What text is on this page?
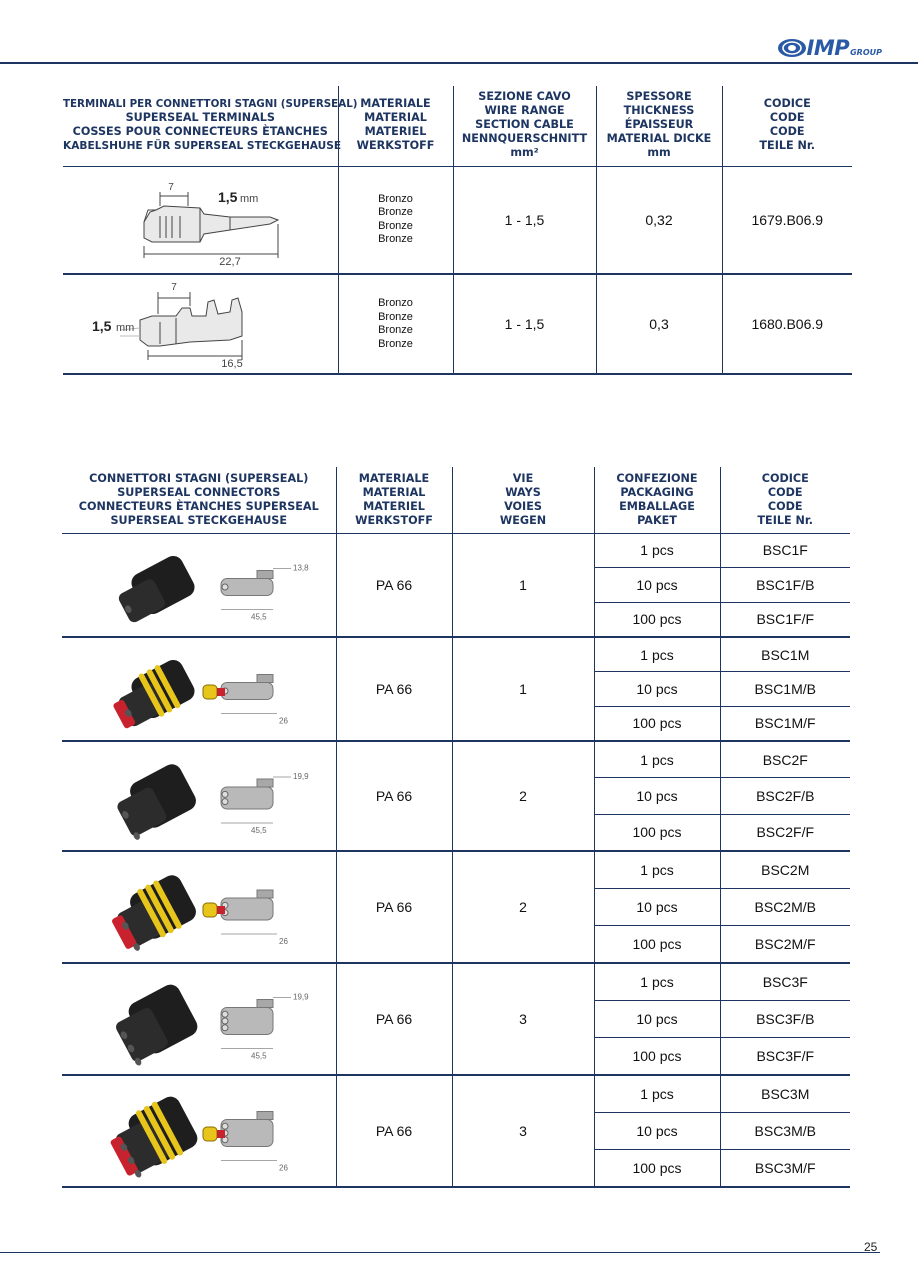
IMP GROUP
TERMINALI PER CONNETTORI STAGNI (SUPERSEAL)
SUPERSEAL TERMINALS
COSSES POUR CONNECTEURS ÈTANCHES
KABELSHUHE FÜR SUPERSEAL STECKGEHAUSE	MATERIALE
MATERIAL
MATERIEL
WERKSTOFF	SEZIONE CAVO
WIRE RANGE
SECTION CABLE
NENNQUERSCHNITT
mm²	SPESSORE
THICKNESS
ÉPAISSEUR
MATERIAL DICKE
mm	CODICE
CODE
CODE
TEILE Nr.

7
1,5 mm
22,7	Bronzo
Bronze
Bronze
Bronze	1 - 1,5	0,32	1679.B06.9

7
1,5 mm
16,5	Bronzo
Bronze
Bronze
Bronze	1 - 1,5	0,3	1680.B06.9
CONNETTORI STAGNI (SUPERSEAL)
SUPERSEAL CONNECTORS
CONNECTEURS ÈTANCHES SUPERSEAL
SUPERSEAL STECKGEHAUSE	MATERIALE
MATERIAL
MATERIEL
WERKSTOFF	VIE
WAYS
VOIES
WEGEN	CONFEZIONE
PACKAGING
EMBALLAGE
PAKET	CODICE
CODE
CODE
TEILE Nr.

13,8
45,5	PA 66	1	1 pcs	BSC1F
			10 pcs	BSC1F/B
			100 pcs	BSC1F/F

26	PA 66	1	1 pcs	BSC1M
			10 pcs	BSC1M/B
			100 pcs	BSC1M/F

19,9
45,5	PA 66	2	1 pcs	BSC2F
			10 pcs	BSC2F/B
			100 pcs	BSC2F/F

26	PA 66	2	1 pcs	BSC2M
			10 pcs	BSC2M/B
			100 pcs	BSC2M/F

19,9
45,5	PA 66	3	1 pcs	BSC3F
			10 pcs	BSC3F/B
			100 pcs	BSC3F/F

26	PA 66	3	1 pcs	BSC3M
			10 pcs	BSC3M/B
			100 pcs	BSC3M/F
25
